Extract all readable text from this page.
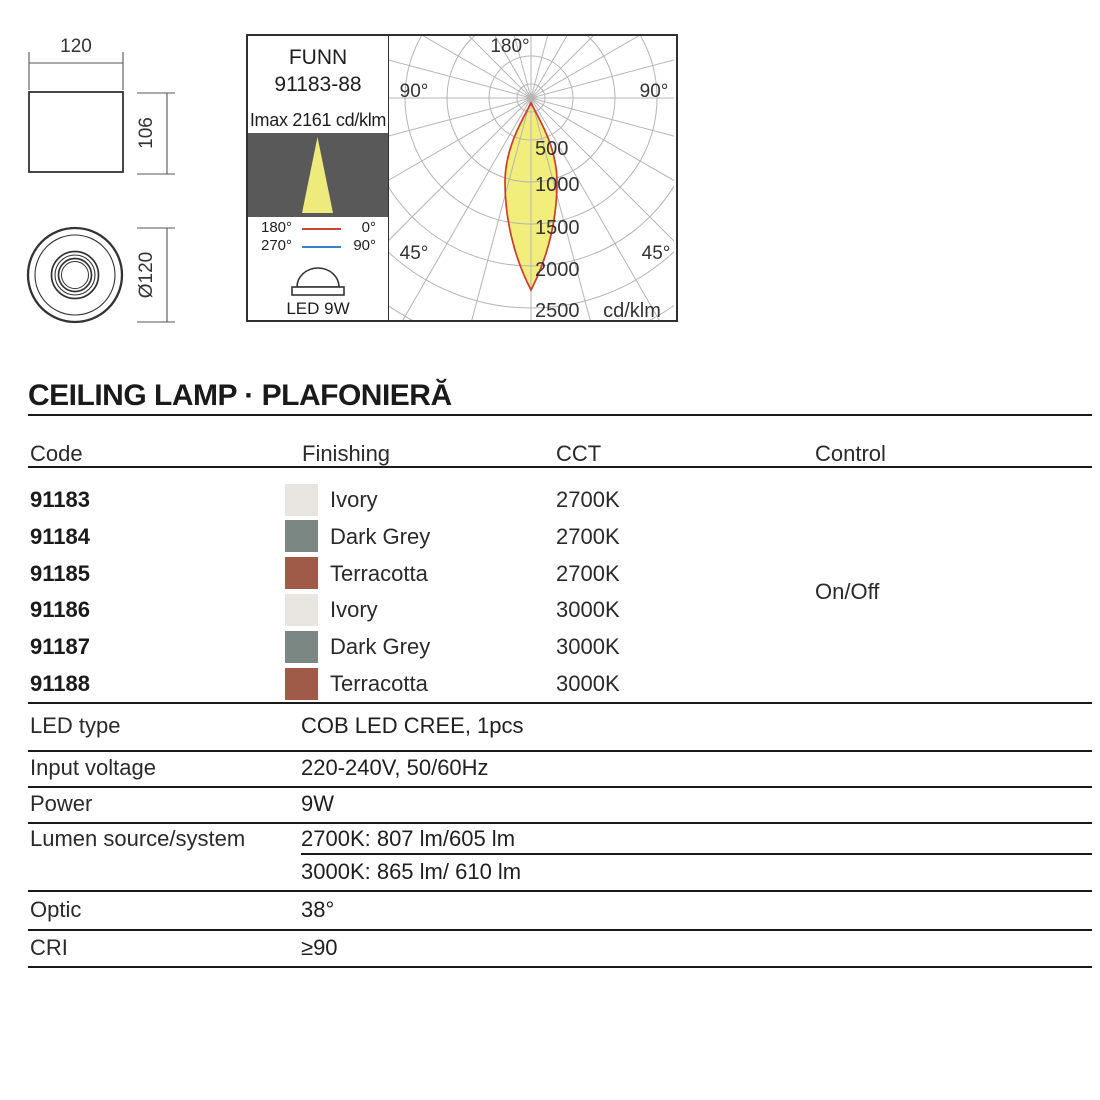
120
106
Ø120
FUNN
91183-88
Imax 2161 cd/klm
180°	0°
270°	90°
LED 9W
180°
90°	90°
45°	45°
500
1000
1500
2000
2500 cd/klm
CEILING LAMP · PLAFONIERĂ
Code	Finishing	CCT	Control
91183	Ivory	2700K
91184	Dark Grey	2700K
91185	Terracotta	2700K
91186	Ivory	3000K
91187	Dark Grey	3000K
91188	Terracotta	3000K
On/Off
LED type	COB LED CREE, 1pcs
Input voltage	220-240V, 50/60Hz
Power	9W
Lumen source/system	2700K: 807 lm/605 lm
3000K: 865 lm/ 610 lm
Optic	38°
CRI	≥90
